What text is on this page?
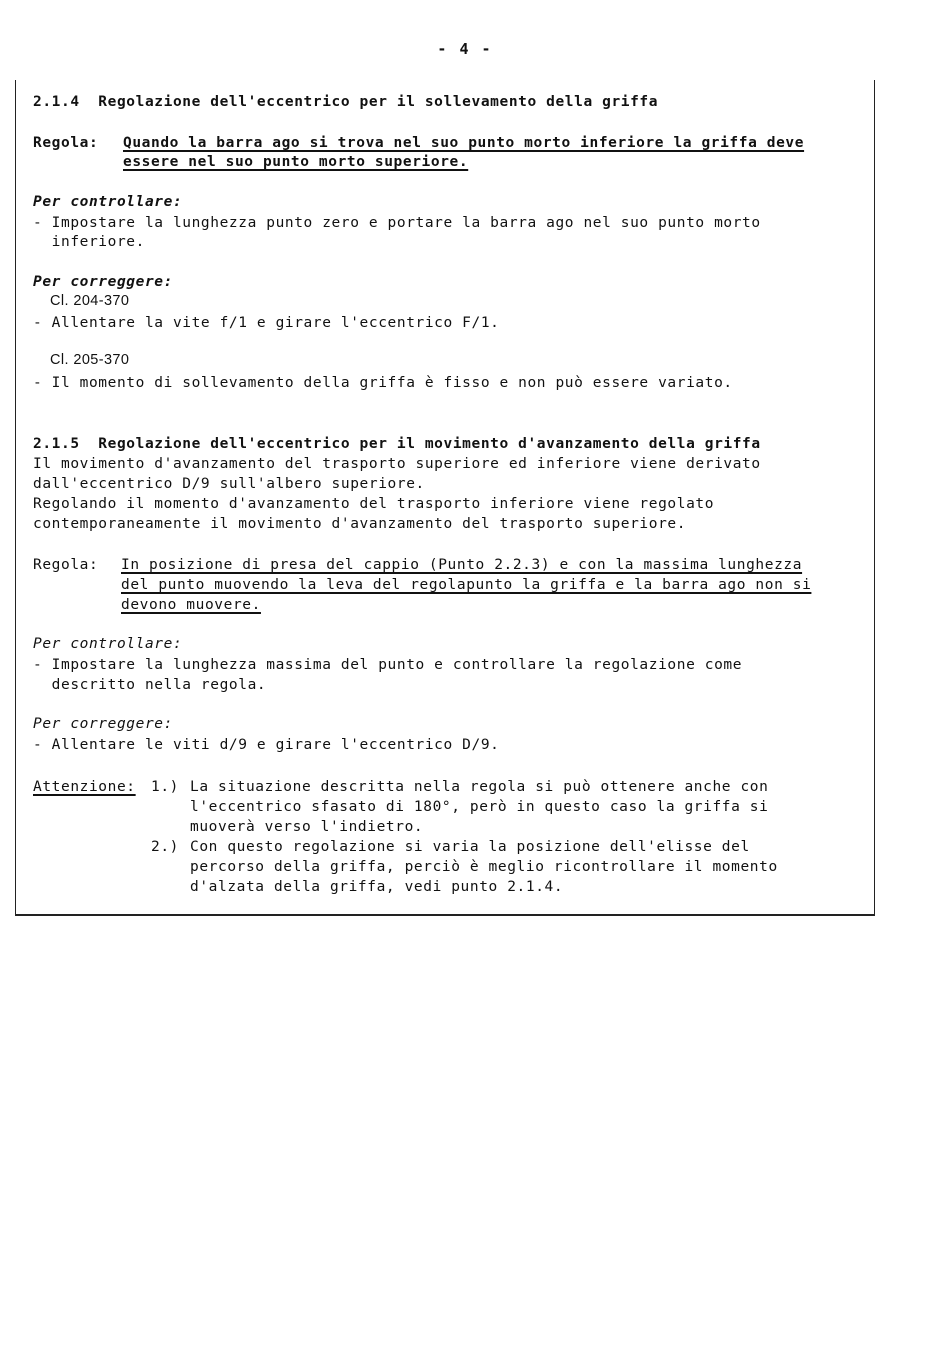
- 4 -
2.1.4  Regolazione dell'eccentrico per il sollevamento della griffa
Regola: Quando la barra ago si trova nel suo punto morto inferiore la griffa deve
essere nel suo punto morto superiore.
Per controllare:
- Impostare la lunghezza punto zero e portare la barra ago nel suo punto morto
inferiore.
Per correggere:
Cl. 204-370
- Allentare la vite f/1 e girare l'eccentrico F/1.
Cl. 205-370
- Il momento di sollevamento della griffa è fisso e non può essere variato.
2.1.5  Regolazione dell'eccentrico per il movimento d'avanzamento della griffa
Il movimento d'avanzamento del trasporto superiore ed inferiore viene derivato
dall'eccentrico D/9 sull'albero superiore.
Regolando il momento d'avanzamento del trasporto inferiore viene regolato
contemporaneamente il movimento d'avanzamento del trasporto superiore.
Regola: In posizione di presa del cappio (Punto 2.2.3) e con la massima lunghezza
del punto muovendo la leva del regolapunto la griffa e la barra ago non si
devono muovere.
Per controllare:
- Impostare la lunghezza massima del punto e controllare la regolazione come
descritto nella regola.
Per correggere:
- Allentare le viti d/9 e girare l'eccentrico D/9.
Attenzione: 1.) La situazione descritta nella regola si può ottenere anche con
l'eccentrico sfasato di 180°, però in questo caso la griffa si
muoverà verso l'indietro.
2.) Con questo regolazione si varia la posizione dell'elisse del
percorso della griffa, perciò è meglio ricontrollare il momento
d'alzata della griffa, vedi punto 2.1.4.
